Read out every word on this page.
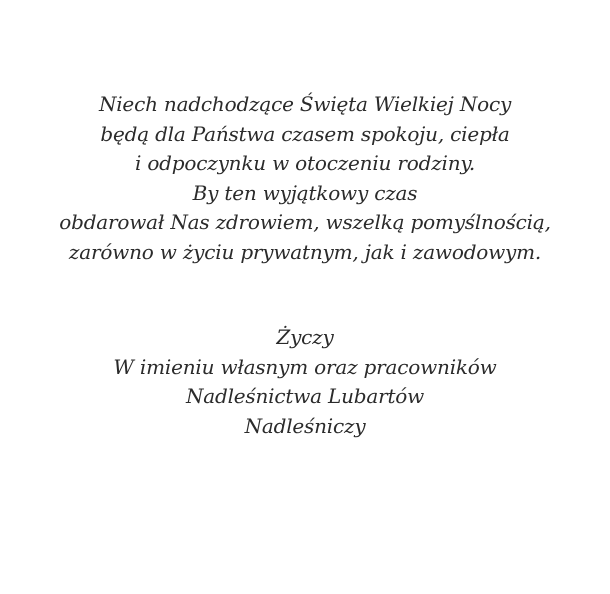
Niech nadchodzące Święta Wielkiej Nocy
będą dla Państwa czasem spokoju, ciepła
i odpoczynku w otoczeniu rodziny.
By ten wyjątkowy czas
obdarował Nas zdrowiem, wszelką pomyślnością,
zarówno w życiu prywatnym, jak i zawodowym.
Życzy
W imieniu własnym oraz pracowników
Nadleśnictwa Lubartów
Nadleśniczy
